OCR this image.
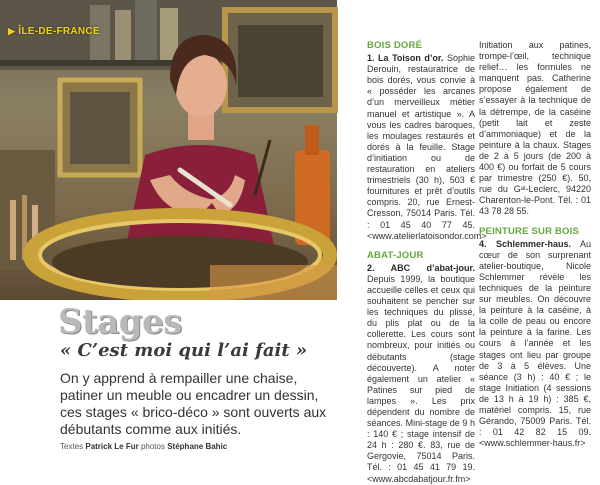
▶ ÎLE-DE-FRANCE
Stages
« C’est moi qui l’ai fait »
On y apprend à rempailler une chaise, patiner un meuble ou encadrer un dessin, ces stages « brico-déco » sont ouverts aux débutants comme aux initiés.
Textes Patrick Le Fur photos Stéphane Bahic
BOIS DORÉ

1. La Toison d’or. Sophie Derouin, restauratrice de bois dorés, vous convie à « posséder les arcanes d’un merveilleux métier manuel et artistique ». A vous les cadres baroques, les moulages restaurés et dorés à la feuille. Stage d’initiation ou de restauration en ateliers trimestriels (30 h), 503 € fournitures et prêt d’outils compris. 20, rue Ernest-Cresson, 75014 Paris. Tél. : 01 45 40 77 45. <www.atelierlatoisondor.com>

ABAT-JOUR

2. ABC d’abat-jour. Depuis 1999, la boutique accueille celles et ceux qui souhaitent se pencher sur les techniques du plissé, du plis plat ou de la collerette. Les cours sont nombreux, pour initiés ou débutants (stage découverte). A noter également un atelier « Patines sur pied de lampes ». Les prix dépendent du nombre de séances. Mini-stage de 9 h : 140 € ; stage intensif de 24 h : 280 €. 83, rue de Gergovie, 75014 Paris. Tél. : 01 45 41 79 19. <www.abcdabatjour.fr.fm>

Initiation aux patines, trompe-l’œil, technique relief… les formules ne manquent pas. Catherine propose également de s’essayer à la technique de la détrempe, de la caséine (petit lait et zeste d’ammoniaque) et de la peinture à la chaux. Stages de 2 à 5 jours (de 200 à 400 €) ou forfait de 5 cours par trimestre (250 €). 50, rue du Gᵃˡ-Leclerc, 94220 Charenton-le-Pont. Tél. : 01 43 78 28 55.

PEINTURE SUR BOIS

4. Schlemmer-haus. Au cœur de son surprenant atelier-boutique, Nicole Schlemmer révèle les techniques de la peinture sur meubles. On découvre la peinture à la caséine, à la colle de peau ou encore la peinture à la farine. Les cours à l’année et les stages ont lieu par groupe de 3 à 5 élèves. Une séance (3 h) : 40 € ; le stage Initiation (4 sessions de 13 h à 19 h) : 385 €, matériel compris. 15, rue Gérando, 75009 Paris. Tél. : 01 42 82 15 09. <www.schlemmer-haus.fr>
